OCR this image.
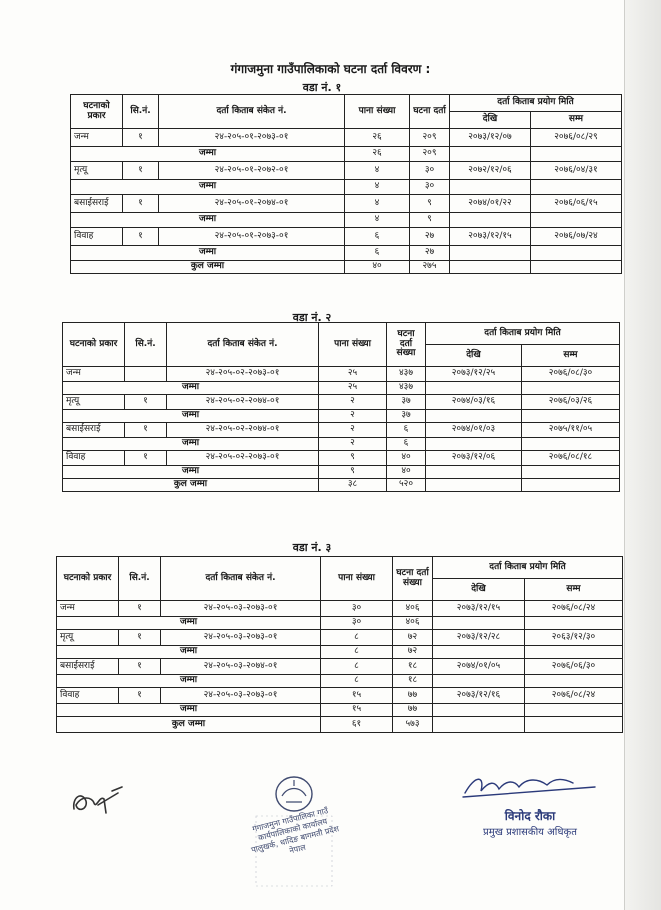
गंगाजमुना गाउँपालिकाको घटना दर्ता विवरण :
वडा नं. १
घटनाको प्रकार	सि.नं.	दर्ता किताब संकेत नं.	पाना संख्या	घटना दर्ता	दर्ता किताब प्रयोग मिति	
					देखि	सम्म
जन्म	१	२४-२०५-०१-२०७३-०१	२६	२०९	२०७३/१२/०७	२०७६/०८/२९
जम्मा			२६	२०९		
मृत्यू	१	२४-२०५-०१-२०७२-०१	४	३०	२०७२/१२/०६	२०७६/०४/३१
जम्मा			४	३०		
बसाईसराई	१	२४-२०५-०१-२०७४-०१	४	९	२०७४/०१/२२	२०७६/०६/१५
जम्मा			४	९		
विवाह	१	२४-२०५-०१-२०७३-०१	६	२७	२०७३/१२/१५	२०७६/०७/२४
जम्मा			६	२७		
कुल जम्मा			४०	२७५		
वडा नं. २
घटनाको प्रकार	सि.नं.	दर्ता किताब संकेत नं.	पाना संख्या	घटना दर्ता
संख्या	दर्ता किताब प्रयोग मिति	
					देखि	सम्म
जन्म		२४-२०५-०२-२०७३-०१	२५	४३७	२०७३/१२/२५	२०७६/०८/३०
जम्मा			२५	४३७		
मृत्यू	१	२४-२०५-०२-२०७४-०१	२	३७	२०७४/०३/१६	२०७६/०३/२६
जम्मा			२	३७		
बसाईसराई	१	२४-२०५-०२-२०७४-०१	२	६	२०७४/०१/०३	२०७५/११/०५
जम्मा			२	६		
विवाह	१	२४-२०५-०२-२०७३-०१	९	४०	२०७३/१२/०६	२०७६/०८/१८
जम्मा			९	४०		
कुल जम्मा			३८	५२०		
वडा नं. ३
घटनाको प्रकार	सि.नं.	दर्ता किताब संकेत नं.	पाना संख्या	घटना दर्ता
संख्या	दर्ता किताब प्रयोग मिति	
					देखि	सम्म
जन्म	१	२४-२०५-०३-२०७३-०१	३०	४०६	२०७३/१२/१५	२०७६/०८/२४
जम्मा			३०	४०६		
मृत्यू	१	२४-२०५-०३-२०७३-०१	८	७२	२०७३/१२/२८	२०६३/१२/३०
जम्मा			८	७२		
बसाईसराई	१	२४-२०५-०३-२०७४-०१	८	१८	२०७४/०१/०५	२०७६/०६/३०
जम्मा			८	१८		
विवाह	१	२४-२०५-०३-२०७३-०१	१५	७७	२०७३/१२/१६	२०७६/०८/२४
जम्मा			१५	७७		
कुल जम्मा			६१	५७३		
गंगाजमुना गाउँपालिका गाउँ कार्यपालिकाको कार्यालय पालुखर्क, धादिङ बागमती प्रदेश नेपाल
विनोद रौका
प्रमुख प्रशासकीय अधिकृत
